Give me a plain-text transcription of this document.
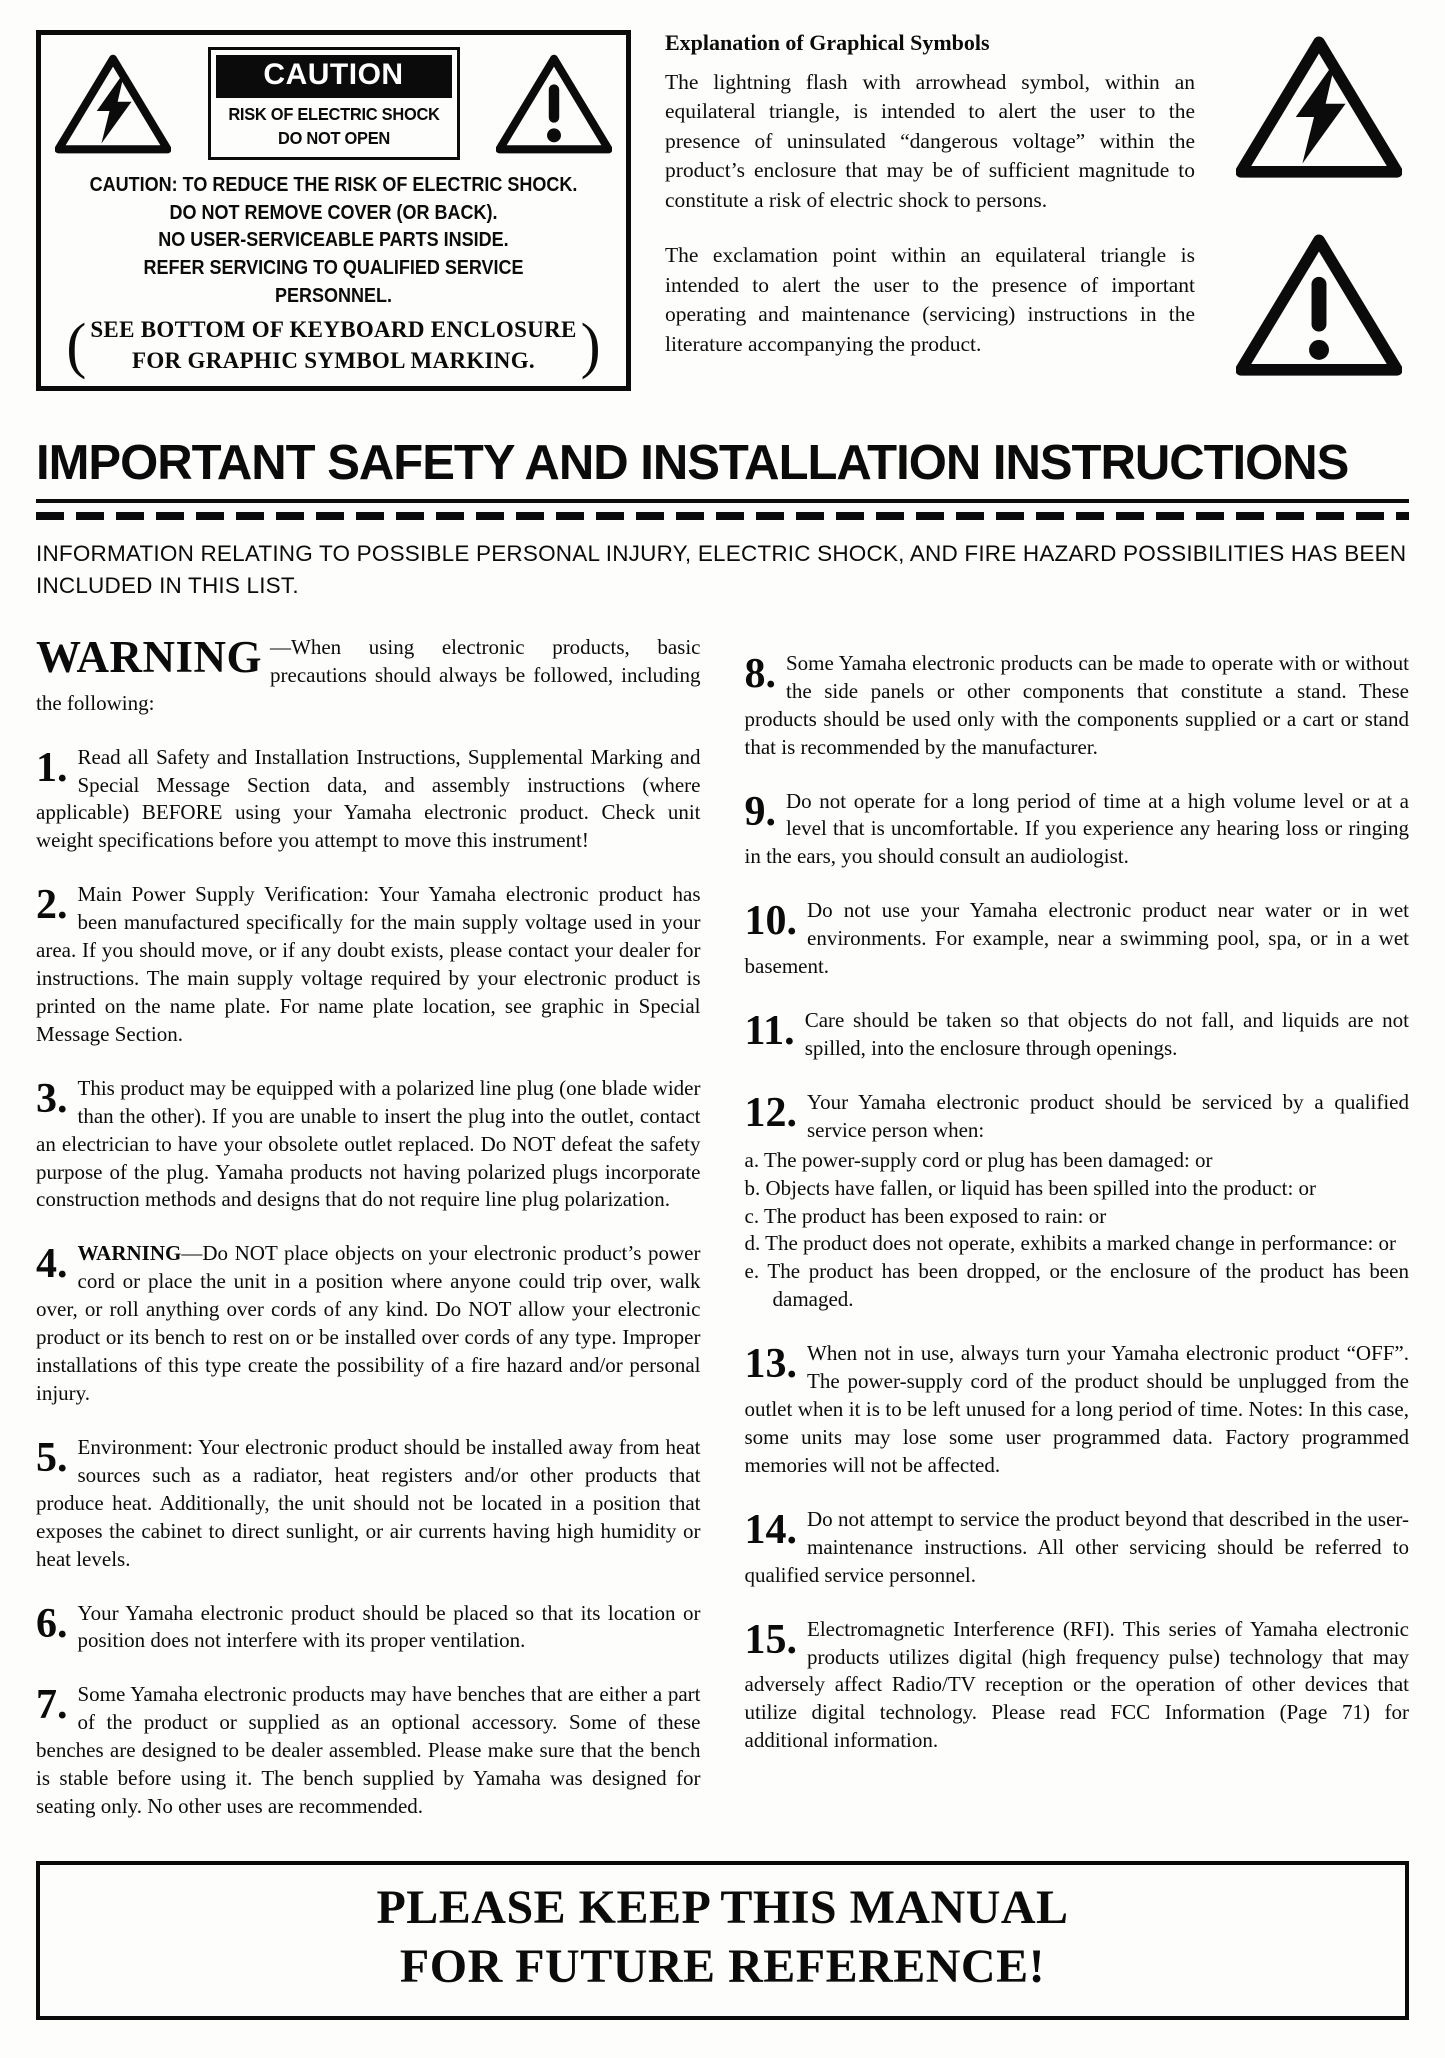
CAUTION
RISK OF ELECTRIC SHOCK
DO NOT OPEN
CAUTION: TO REDUCE THE RISK OF ELECTRIC SHOCK.
DO NOT REMOVE COVER (OR BACK).
NO USER-SERVICEABLE PARTS INSIDE.
REFER SERVICING TO QUALIFIED SERVICE PERSONNEL.
( SEE BOTTOM OF KEYBOARD ENCLOSURE
FOR GRAPHIC SYMBOL MARKING. )
Explanation of Graphical Symbols

The lightning flash with arrowhead symbol, within an equilateral triangle, is intended to alert the user to the presence of uninsulated “dangerous voltage” within the product’s enclosure that may be of sufficient magnitude to constitute a risk of electric shock to persons.

The exclamation point within an equilateral triangle is intended to alert the user to the presence of important operating and maintenance (servicing) instructions in the literature accompanying the product.

IMPORTANT SAFETY AND INSTALLATION INSTRUCTIONS

INFORMATION RELATING TO POSSIBLE PERSONAL INJURY, ELECTRIC SHOCK, AND FIRE HAZARD POSSIBILITIES HAS BEEN INCLUDED IN THIS LIST.

WARNING —When using electronic products, basic precautions should always be followed, including the following:
1. Read all Safety and Installation Instructions, Supplemental Marking and Special Message Section data, and assembly instructions (where applicable) BEFORE using your Yamaha electronic product. Check unit weight specifications before you attempt to move this instrument!
2. Main Power Supply Verification: Your Yamaha electronic product has been manufactured specifically for the main supply voltage used in your area. If you should move, or if any doubt exists, please contact your dealer for instructions. The main supply voltage required by your electronic product is printed on the name plate. For name plate location, see graphic in Special Message Section.
3. This product may be equipped with a polarized line plug (one blade wider than the other). If you are unable to insert the plug into the outlet, contact an electrician to have your obsolete outlet replaced. Do NOT defeat the safety purpose of the plug. Yamaha products not having polarized plugs incorporate construction methods and designs that do not require line plug polarization.
4. WARNING—Do NOT place objects on your electronic product’s power cord or place the unit in a position where anyone could trip over, walk over, or roll anything over cords of any kind. Do NOT allow your electronic product or its bench to rest on or be installed over cords of any type. Improper installations of this type create the possibility of a fire hazard and/or personal injury.
5. Environment: Your electronic product should be installed away from heat sources such as a radiator, heat registers and/or other products that produce heat. Additionally, the unit should not be located in a position that exposes the cabinet to direct sunlight, or air currents having high humidity or heat levels.
6. Your Yamaha electronic product should be placed so that its location or position does not interfere with its proper ventilation.
7. Some Yamaha electronic products may have benches that are either a part of the product or supplied as an optional accessory. Some of these benches are designed to be dealer assembled. Please make sure that the bench is stable before using it. The bench supplied by Yamaha was designed for seating only. No other uses are recommended.
8. Some Yamaha electronic products can be made to operate with or without the side panels or other components that constitute a stand. These products should be used only with the components supplied or a cart or stand that is recommended by the manufacturer.
9. Do not operate for a long period of time at a high volume level or at a level that is uncomfortable. If you experience any hearing loss or ringing in the ears, you should consult an audiologist.
10. Do not use your Yamaha electronic product near water or in wet environments. For example, near a swimming pool, spa, or in a wet basement.
11. Care should be taken so that objects do not fall, and liquids are not spilled, into the enclosure through openings.
12. Your Yamaha electronic product should be serviced by a qualified service person when:
a. The power-supply cord or plug has been damaged: or
b. Objects have fallen, or liquid has been spilled into the product: or
c. The product has been exposed to rain: or
d. The product does not operate, exhibits a marked change in performance: or
e. The product has been dropped, or the enclosure of the product has been damaged.
13. When not in use, always turn your Yamaha electronic product “OFF”. The power-supply cord of the product should be unplugged from the outlet when it is to be left unused for a long period of time. Notes: In this case, some units may lose some user programmed data. Factory programmed memories will not be affected.
14. Do not attempt to service the product beyond that described in the user-maintenance instructions. All other servicing should be referred to qualified service personnel.
15. Electromagnetic Interference (RFI). This series of Yamaha electronic products utilizes digital (high frequency pulse) technology that may adversely affect Radio/TV reception or the operation of other devices that utilize digital technology. Please read FCC Information (Page 71) for additional information.
PLEASE KEEP THIS MANUAL
FOR FUTURE REFERENCE!
